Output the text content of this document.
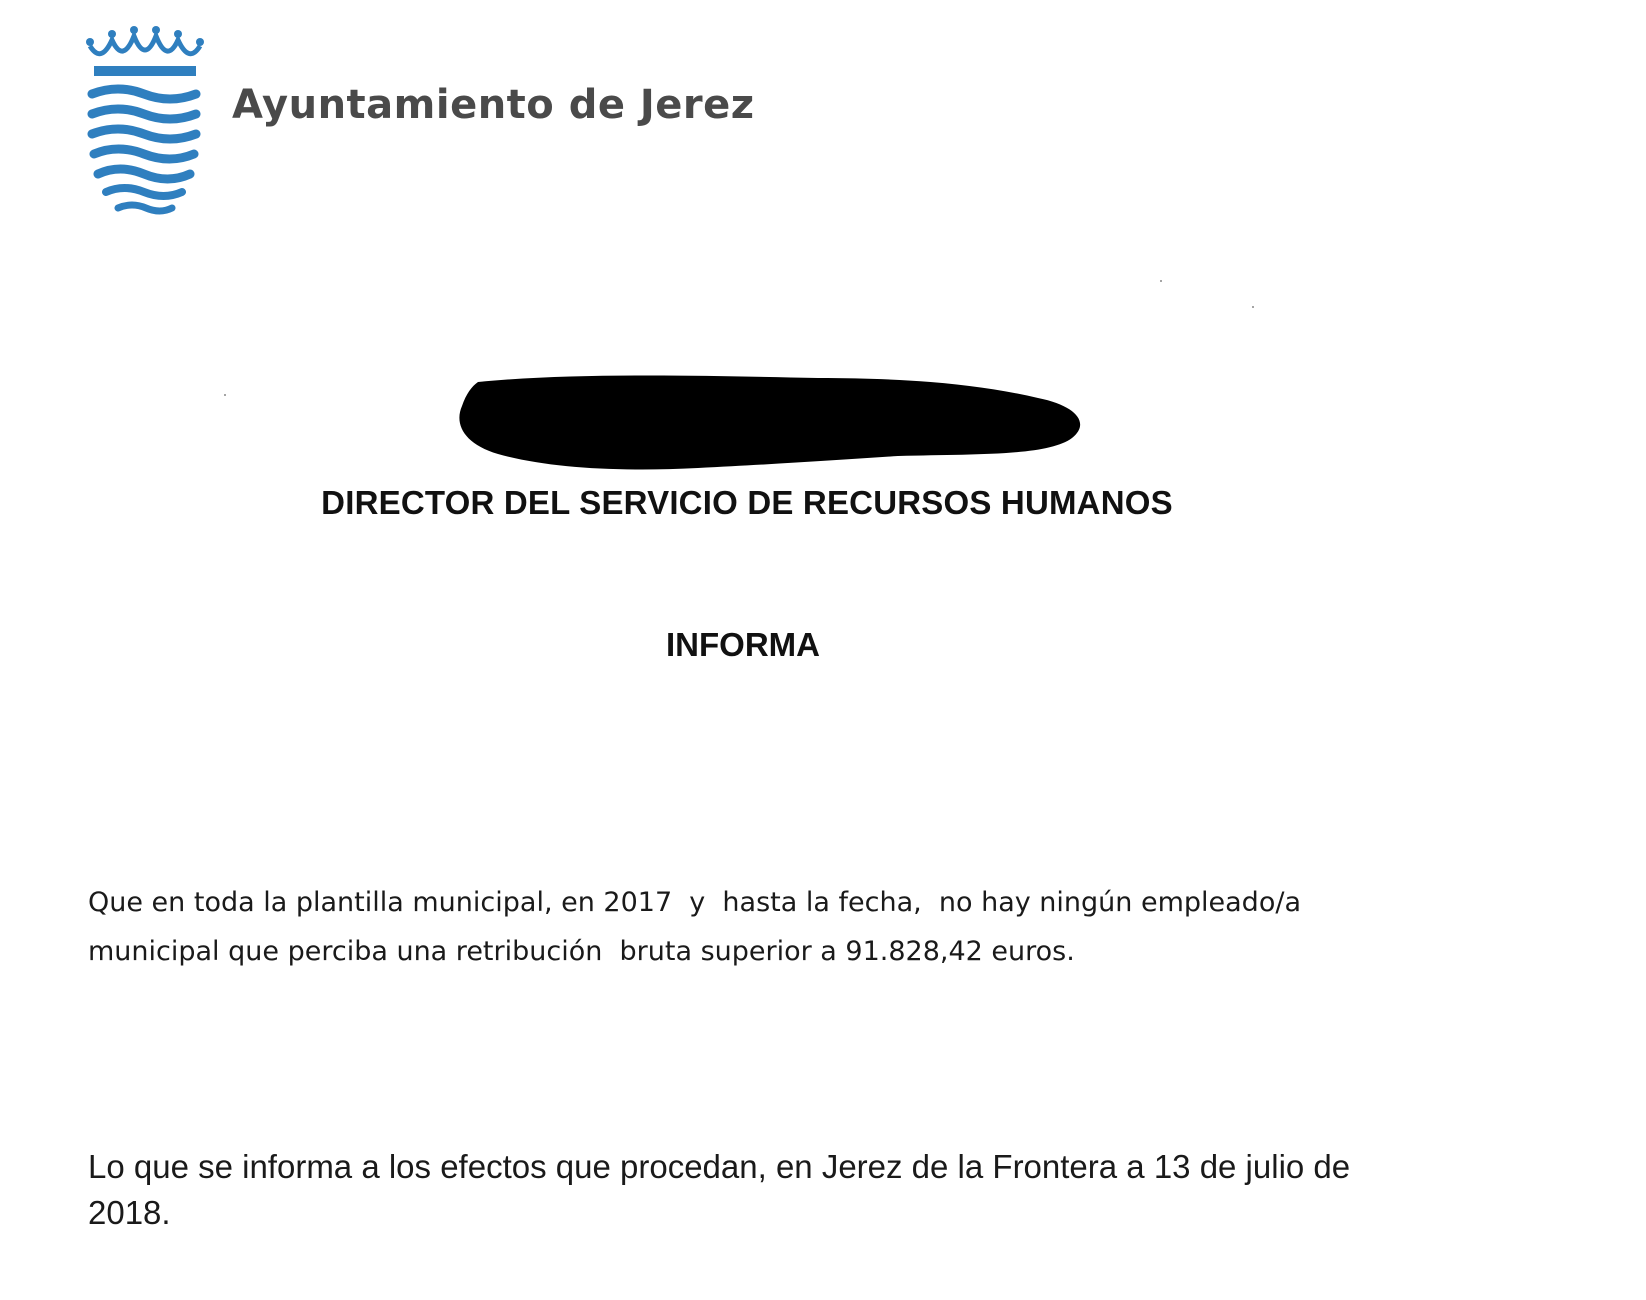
Ayuntamiento de Jerez
DIRECTOR DEL SERVICIO DE RECURSOS HUMANOS
INFORMA
Que en toda la plantilla municipal, en 2017  y  hasta la fecha,  no hay ningún empleado/a
municipal que perciba una retribución  bruta superior a 91.828,42 euros.
Lo que se informa a los efectos que procedan, en Jerez de la Frontera a 13 de julio de
2018.
